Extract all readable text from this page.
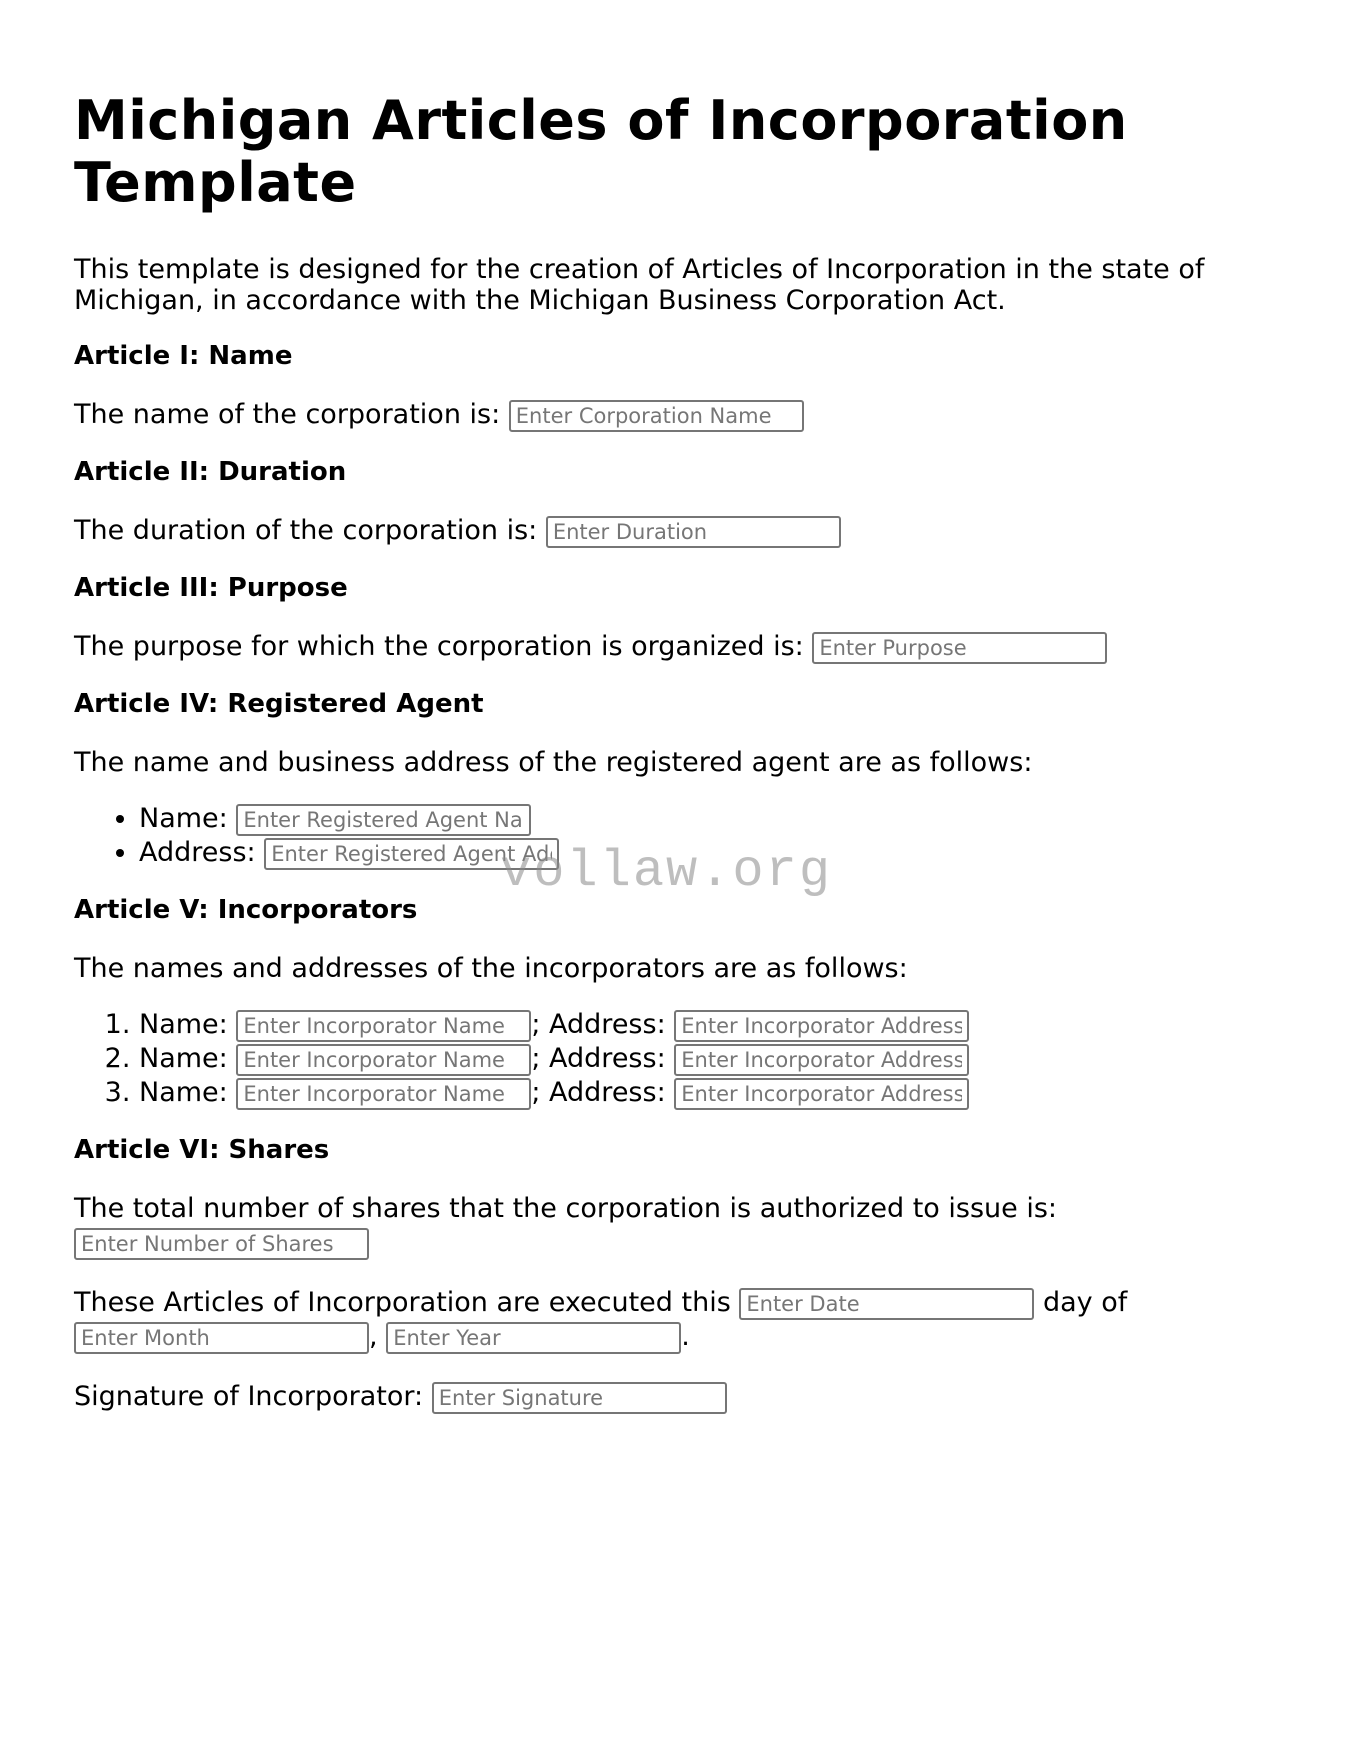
Michigan Articles of Incorporation Template

This template is designed for the creation of Articles of Incorporation in the state of Michigan, in accordance with the Michigan Business Corporation Act.

Article I: Name

The name of the corporation is: Enter Corporation Name

Article II: Duration

The duration of the corporation is: Enter Duration

Article III: Purpose

The purpose for which the corporation is organized is: Enter Purpose

Article IV: Registered Agent

The name and business address of the registered agent are as follows:

• Name: Enter Registered Agent Name
• Address: Enter Registered Agent Address
Article V: Incorporators

The names and addresses of the incorporators are as follows:

1. Name: Enter Incorporator Name	; Address: Enter Incorporator Address
2. Name: Enter Incorporator Name	; Address: Enter Incorporator Address
3. Name: Enter Incorporator Name	; Address: Enter Incorporator Address
Article VI: Shares

The total number of shares that the corporation is authorized to issue is:
Enter Number of Shares

These Articles of Incorporation are executed this Enter Date	day of
Enter Month, Enter Year	.

Signature of Incorporator: Enter Signature

vollaw.org
